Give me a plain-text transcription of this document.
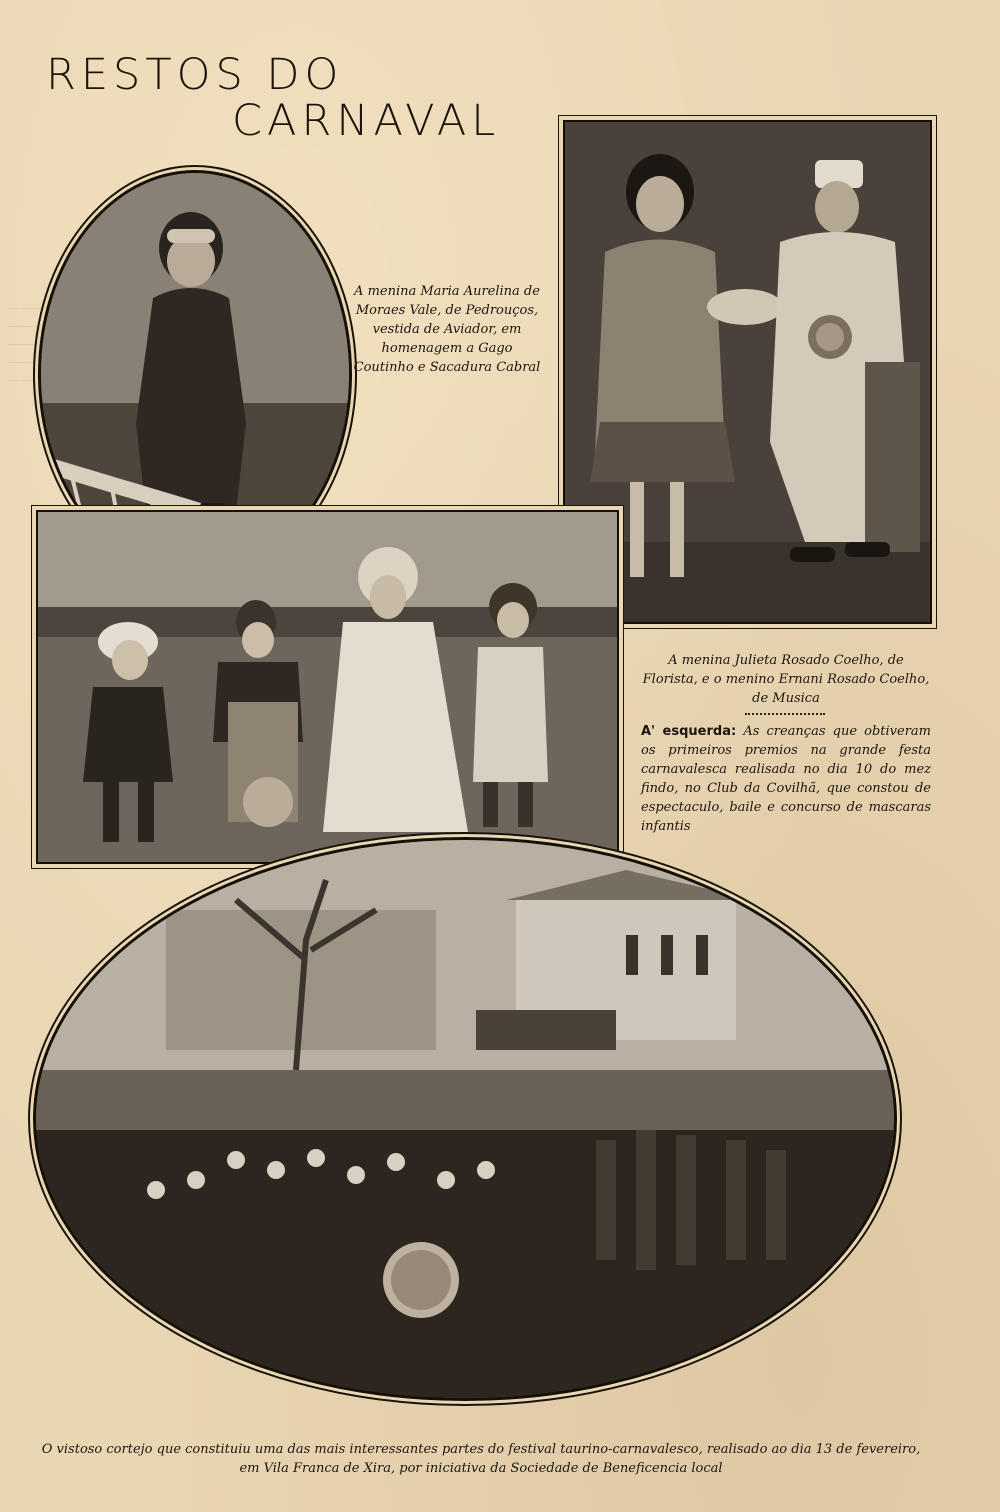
———
———
———
———
———
RESTOS DO
CARNAVAL

A menina Maria Aurelina de Moraes Vale, de Pedrouços, vestida de Aviador, em homenagem a Gago Coutinho e Sacadura Cabral

A menina Julieta Rosado Coelho, de Florista, e o menino Ernani Rosado Coelho, de Musica

A' esquerda: As creanças que obtiveram os primeiros premios na grande festa carnavalesca realisada no dia 10 do mez findo, no Club da Covilhã, que constou de espectaculo, baile e concurso de mascaras infantis

O vistoso cortejo que constituiu uma das mais interessantes partes do festival taurino-carnavalesco, realisado ao dia 13 de fevereiro, em Vila Franca de Xira, por iniciativa da Sociedade de Beneficencia local
